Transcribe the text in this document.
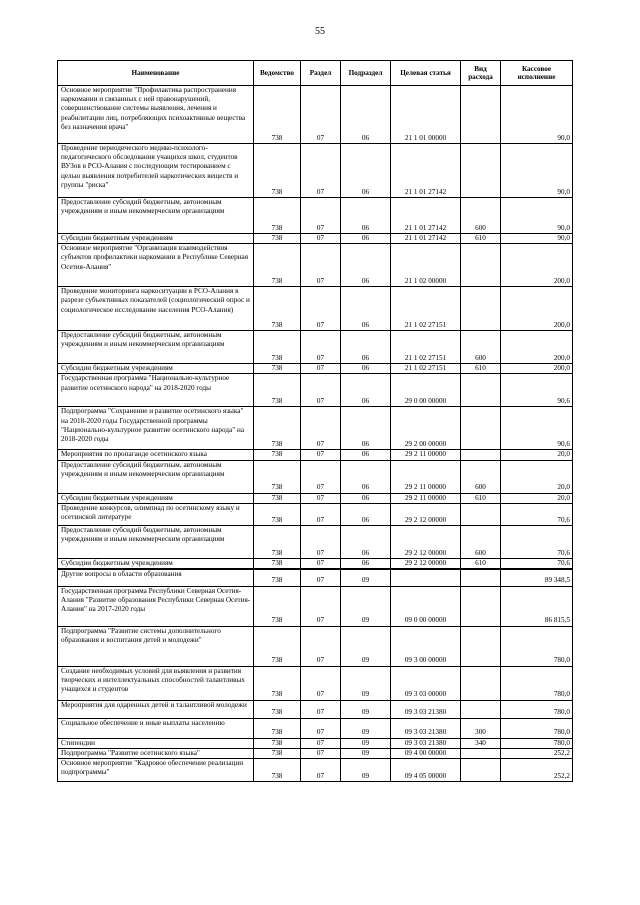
55
Наименование	Ведомство	Раздел	Подраздел	Целевая статья	Вид расхода	Кассовое исполнение
Основное мероприятие "Профилактика распространения наркомании и связанных с ней правонарушений, совершенствование системы выявления, лечения и реабилитации лиц, потребляющих психоактивные вещества без назначения врача"	738	07	06	21 1 01 00000		90,0
Проведение периодического медико-психолого-педагогического обследования учащихся школ, студентов ВУЗов в РСО-Алания с последующим тестированием с целью выявления потребителей наркотических веществ и группы "риска"	738	07	06	21 1 01 27142		90,0
Предоставление субсидий бюджетным, автономным учреждениям и иным некоммерческим организациям	738	07	06	21 1 01 27142	600	90,0
Субсидии бюджетным учреждениям	738	07	06	21 1 01 27142	610	90,0
Основное мероприятие "Организация взаимодействия субъектов профилактики наркомании в Республике Северная Осетия-Алания"	738	07	06	21 1 02 00000		200,0
Проведение мониторинга наркоситуации в РСО-Алания в разрезе субъективных показателей (социологический опрос и социологическое исследование населения РСО-Алания)	738	07	06	21 1 02 27151		200,0
Предоставление субсидий бюджетным, автономным учреждениям и иным некоммерческим организациям	738	07	06	21 1 02 27151	600	200,0
Субсидии бюджетным учреждениям	738	07	06	21 1 02 27151	610	200,0
Государственная программа "Национально-культурное развитие осетинского народа" на 2018-2020 годы	738	07	06	29 0 00 00000		90,6
Подпрограмма "Сохранение и развитие осетинского языка" на 2018-2020 годы Государственной программы "Национально-культурное развитие осетинского народа" на 2018-2020 годы	738	07	06	29 2 00 00000		90,6
Мероприятия по пропаганде осетинского языка	738	07	06	29 2 11 00000		20,0
Предоставление субсидий бюджетным, автономным учреждениям и иным некоммерческим организациям	738	07	06	29 2 11 00000	600	20,0
Субсидии бюджетным учреждениям	738	07	06	29 2 11 00000	610	20,0
Проведение конкурсов, олимпиад по осетинскому языку и осетинской литературе	738	07	06	29 2 12 00000		70,6
Предоставление субсидий бюджетным, автономным учреждениям и иным некоммерческим организациям	738	07	06	29 2 12 00000	600	70,6
Субсидии бюджетным учреждениям	738	07	06	29 2 12 00000	610	70,6
Другие вопросы в области образования	738	07	09			89 348,5
Государственная программа Республики Северная Осетия-Алания "Развитие образования Республики Северная Осетия-Алания" на 2017-2020 годы	738	07	09	09 0 00 00000		86 815,5
Подпрограмма "Развитие системы дополнительного образования и воспитания детей и молодежи"	738	07	09	09 3 00 00000		780,0
Создание необходимых условий для выявления и развития творческих и интеллектуальных способностей талантливых учащихся и студентов	738	07	09	09 3 03 00000		780,0
Мероприятия для одаренных детей и талантливой молодежи	738	07	09	09 3 03 21380		780,0
Социальное обеспечение и иные выплаты населению	738	07	09	09 3 03 21380	300	780,0
Стипендии	738	07	09	09 3 03 21380	340	780,0
Подпрограмма "Развитие осетинского языка"	738	07	09	09 4 00 00000		252,2
Основное мероприятие "Кадровое обеспечение реализации подпрограммы"	738	07	09	09 4 05 00000		252,2
